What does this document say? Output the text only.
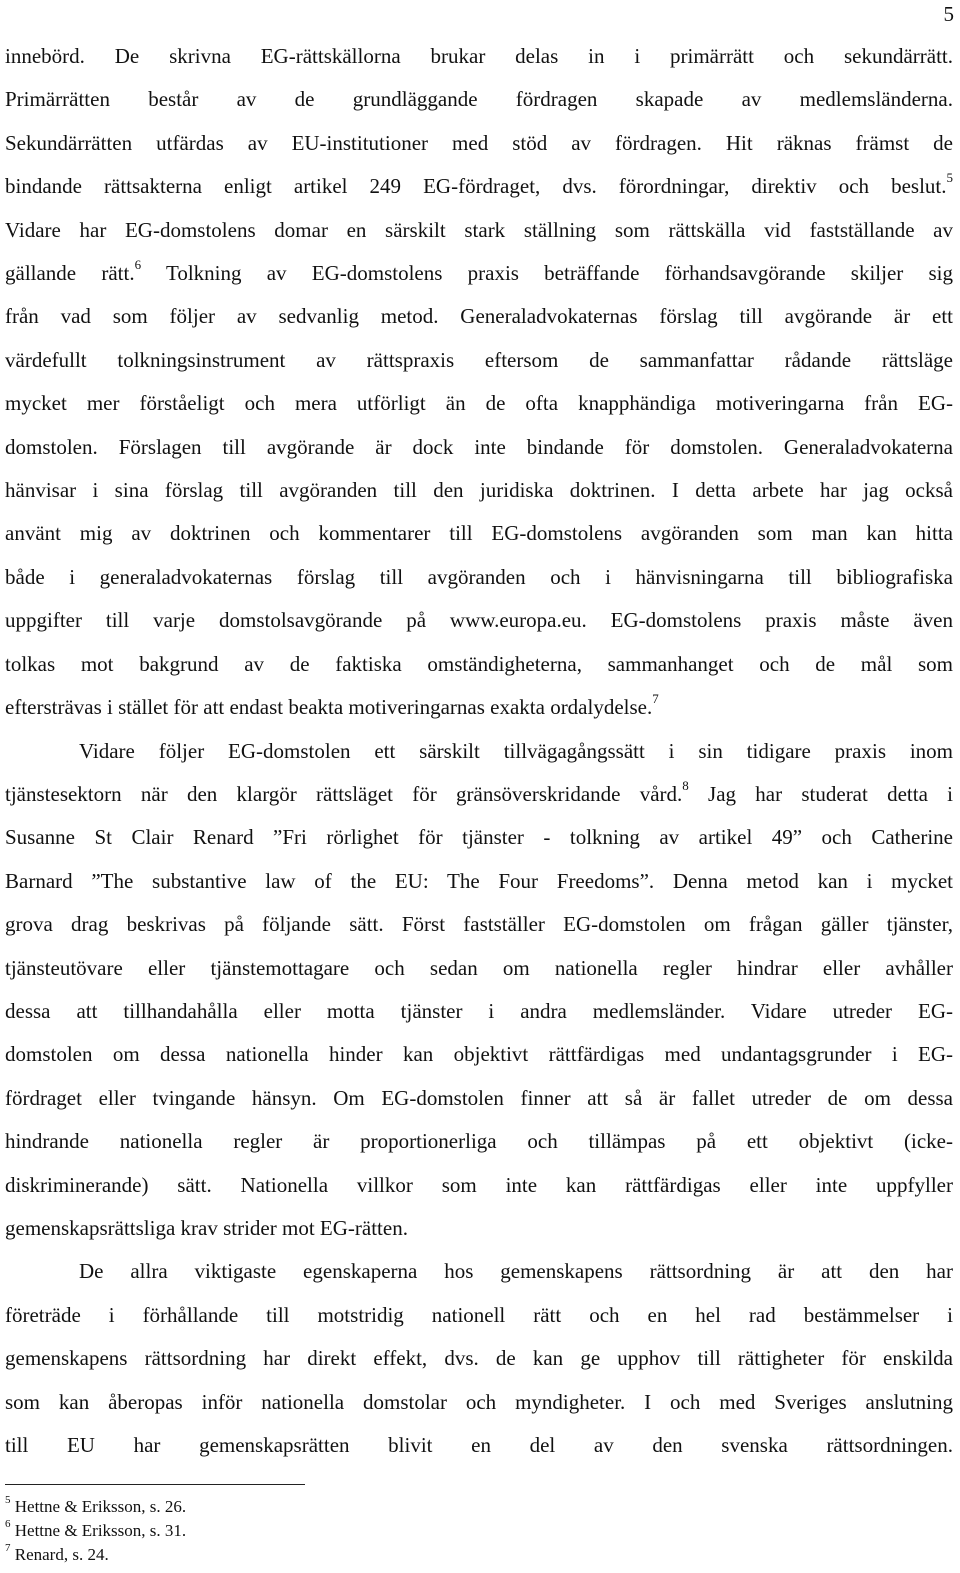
5

innebörd. De skrivna EG-rättskällorna brukar delas in i primärrätt och sekundärrätt.

Primärrätten består av de grundläggande fördragen skapade av medlemsländerna.

Sekundärrätten utfärdas av EU-institutioner med stöd av fördragen. Hit räknas främst de

bindande rättsakterna enligt artikel 249 EG-fördraget, dvs. förordningar, direktiv och beslut.$^5$

Vidare har EG-domstolens domar en särskilt stark ställning som rättskälla vid fastställande av

gällande rätt.$^6$ Tolkning av EG-domstolens praxis beträffande förhandsavgörande skiljer sig

från vad som följer av sedvanlig metod. Generaladvokaternas förslag till avgörande är ett

värdefullt tolkningsinstrument av rättspraxis eftersom de sammanfattar rådande rättsläge

mycket mer förståeligt och mera utförligt än de ofta knapphändiga motiveringarna från EG-

domstolen. Förslagen till avgörande är dock inte bindande för domstolen. Generaladvokaterna

hänvisar i sina förslag till avgöranden till den juridiska doktrinen. I detta arbete har jag också

använt mig av doktrinen och kommentarer till EG-domstolens avgöranden som man kan hitta

både i generaladvokaternas förslag till avgöranden och i hänvisningarna till bibliografiska

uppgifter till varje domstolsavgörande på www.europa.eu. EG-domstolens praxis måste även

tolkas mot bakgrund av de faktiska omständigheterna, sammanhanget och de mål som

eftersträvas i stället för att endast beakta motiveringarnas exakta ordalydelse.$^7$

Vidare följer EG-domstolen ett särskilt tillvägagångssätt i sin tidigare praxis inom

tjänstesektorn när den klargör rättsläget för gränsöverskridande vård.$^8$ Jag har studerat detta i

Susanne St Clair Renard ”Fri rörlighet för tjänster - tolkning av artikel 49” och Catherine

Barnard ”The substantive law of the EU: The Four Freedoms”. Denna metod kan i mycket

grova drag beskrivas på följande sätt. Först fastställer EG-domstolen om frågan gäller tjänster,

tjänsteutövare eller tjänstemottagare och sedan om nationella regler hindrar eller avhåller

dessa att tillhandahålla eller motta tjänster i andra medlemsländer. Vidare utreder EG-

domstolen om dessa nationella hinder kan objektivt rättfärdigas med undantagsgrunder i EG-

fördraget eller tvingande hänsyn. Om EG-domstolen finner att så är fallet utreder de om dessa

hindrande nationella regler är proportionerliga och tillämpas på ett objektivt (icke-

diskriminerande) sätt. Nationella villkor som inte kan rättfärdigas eller inte uppfyller

gemenskapsrättsliga krav strider mot EG-rätten.

De allra viktigaste egenskaperna hos gemenskapens rättsordning är att den har

företräde i förhållande till motstridig nationell rätt och en hel rad bestämmelser i

gemenskapens rättsordning har direkt effekt, dvs. de kan ge upphov till rättigheter för enskilda

som kan åberopas inför nationella domstolar och myndigheter. I och med Sveriges anslutning

till EU har gemenskapsrätten blivit en del av den svenska rättsordningen.

$^5$ Hettne & Eriksson, s. 26.

$^6$ Hettne & Eriksson, s. 31.

$^7$ Renard, s. 24.
